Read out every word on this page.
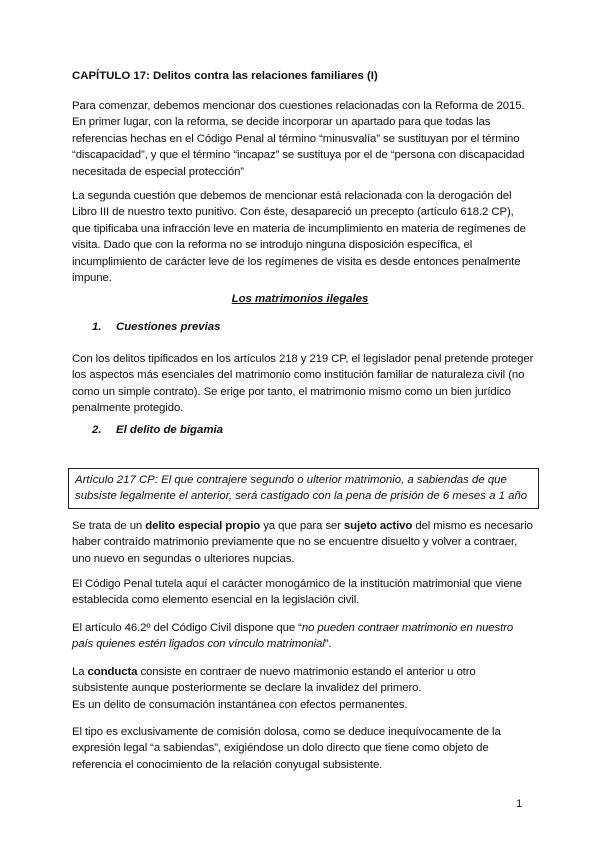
CAPÍTULO 17: Delitos contra las relaciones familiares (I)
Para comenzar, debemos mencionar dos cuestiones relacionadas con la Reforma de 2015. En primer lugar, con la reforma, se decide incorporar un apartado para que todas las referencias hechas en el Código Penal al término “minusvalía” se sustituyan por el término “discapacidad”, y que el término “incapaz” se sustituya por el de “persona con discapacidad necesitada de especial protección”
La segunda cuestión que debemos de mencionar está relacionada con la derogación del Libro III de nuestro texto punitivo. Con éste, desapareció un precepto (artículo 618.2 CP), que tipificaba una infracción leve en materia de incumplimiento en materia de regímenes de visita. Dado que con la reforma no se introdujo ninguna disposición específica, el incumplimiento de carácter leve de los regímenes de visita es desde entonces penalmente impune.
Los matrimonios ilegales
1. Cuestiones previas
Con los delitos tipificados en los artículos 218 y 219 CP, el legislador penal pretende proteger los aspectos más esenciales del matrimonio como institución familiar de naturaleza civil (no como un simple contrato). Se erige por tanto, el matrimonio mismo como un bien jurídico penalmente protegido.
2. El delito de bigamia
Artículo 217 CP: El que contrajere segundo o ulterior matrimonio, a sabiendas de que subsiste legalmente el anterior, será castigado con la pena de prisión de 6 meses a 1 año
Se trata de un delito especial propio ya que para ser sujeto activo del mismo es necesario haber contraído matrimonio previamente que no se encuentre disuelto y volver a contraer, uno nuevo en segundas o ulteriores nupcias.
El Código Penal tutela aquí el carácter monogámico de la institución matrimonial que viene establecida como elemento esencial en la legislación civil.
El artículo 46.2º del Código Civil dispone que “no pueden contraer matrimonio en nuestro país quienes estén ligados con vínculo matrimonial”.
La conducta consiste en contraer de nuevo matrimonio estando el anterior u otro subsistente aunque posteriormente se declare la invalidez del primero.
Es un delito de consumación instantánea con efectos permanentes.
El tipo es exclusivamente de comisión dolosa, como se deduce inequívocamente de la expresión legal “a sabiendas”, exigiéndose un dolo directo que tiene como objeto de referencia el conocimiento de la relación conyugal subsistente.
1
